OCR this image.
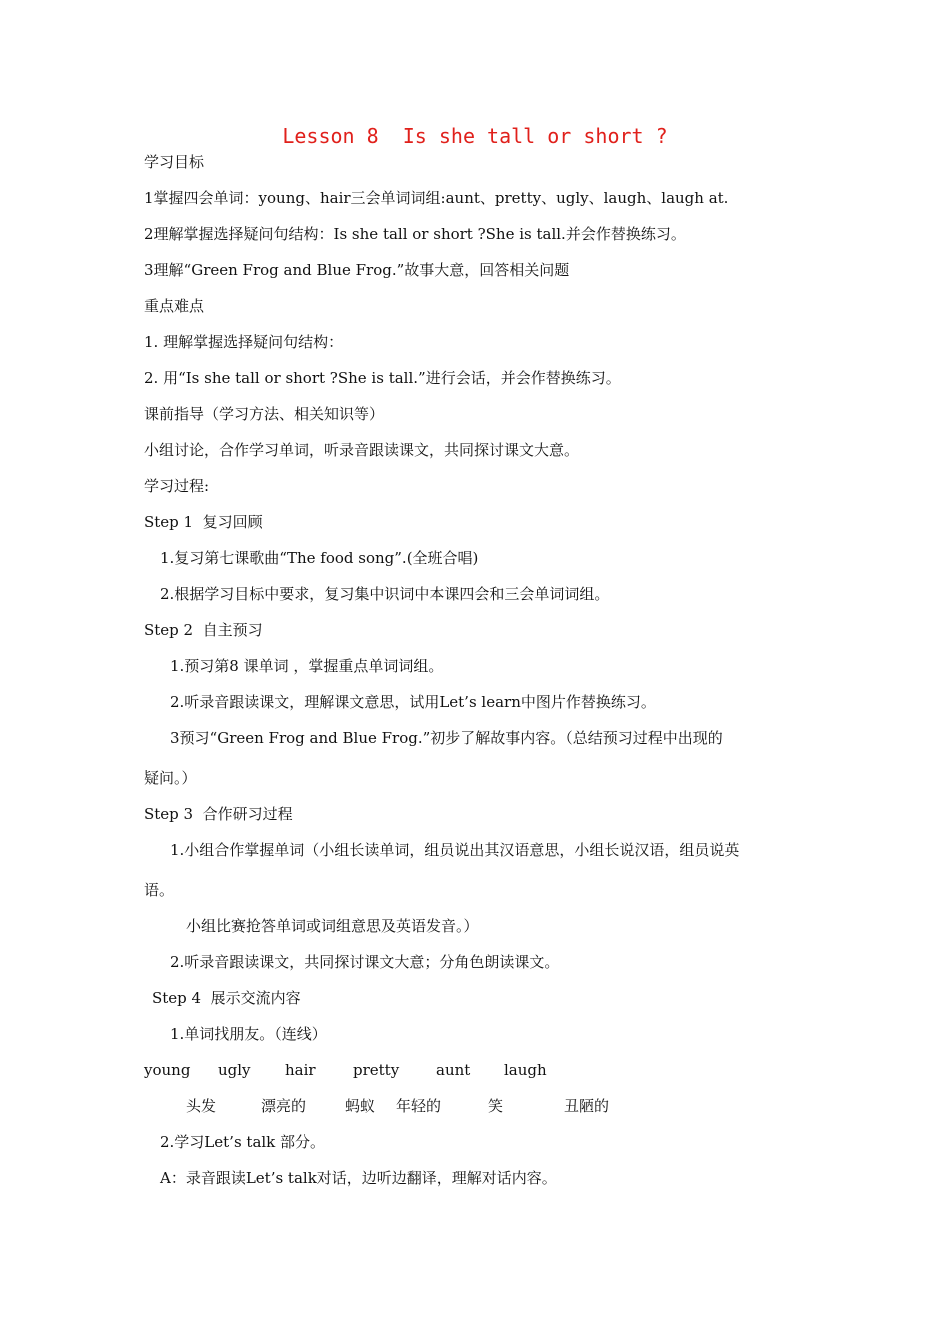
Lesson 8  Is she tall or short ?
学习目标
1掌握四会单词：young、hair三会单词词组:aunt、pretty、ugly、laugh、laugh at.
2理解掌握选择疑问句结构：Is she tall or short ?She is tall.并会作替换练习。
3理解“Green Frog and Blue Frog.”故事大意，回答相关问题
重点难点
1. 理解掌握选择疑问句结构：
2. 用“Is she tall or short ?She is tall.”进行会话，并会作替换练习。
课前指导（学习方法、相关知识等）
小组讨论，合作学习单词，听录音跟读课文，共同探讨课文大意。
学习过程:
Step 1  复习回顾
1.复习第七课歌曲“The food song”.(全班合唱)
2.根据学习目标中要求，复习集中识词中本课四会和三会单词词组。
Step 2  自主预习
1.预习第8 课单词 ，掌握重点单词词组。
2.听录音跟读课文，理解课文意思，试用Let’s learn中图片作替换练习。
3预习“Green Frog and Blue Frog.”初步了解故事内容。（总结预习过程中出现的
疑问。）
Step 3  合作研习过程
1.小组合作掌握单词（小组长读单词，组员说出其汉语意思，小组长说汉语，组员说英
语。
小组比赛抢答单词或词组意思及英语发音。）
2.听录音跟读课文，共同探讨课文大意；分角色朗读课文。
Step 4  展示交流内容
1.单词找朋友。（连线）
young ugly hair pretty aunt laugh
头发	漂亮的	蚂蚁 年轻的	笑	丑陋的
2.学习Let’s talk 部分。
A：录音跟读Let’s talk对话，边听边翻译，理解对话内容。
